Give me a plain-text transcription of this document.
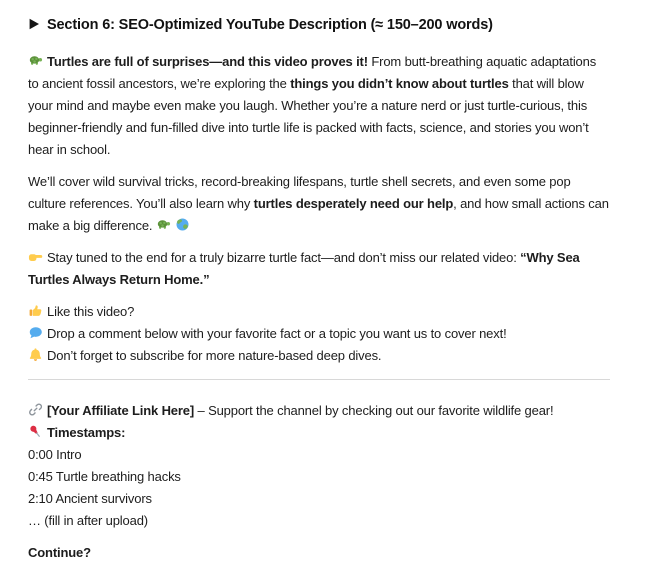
Section 6: SEO-Optimized YouTube Description (≈ 150–200 words)

Turtles are full of surprises—and this video proves it! From butt-breathing aquatic adaptations to ancient fossil ancestors, we’re exploring the things you didn’t know about turtles that will blow your mind and maybe even make you laugh. Whether you’re a nature nerd or just turtle-curious, this beginner-friendly and fun-filled dive into turtle life is packed with facts, science, and stories you won’t hear in school.

We’ll cover wild survival tricks, record-breaking lifespans, turtle shell secrets, and even some pop culture references. You’ll also learn why turtles desperately need our help, and how small actions can make a big difference.

Stay tuned to the end for a truly bizarre turtle fact—and don’t miss our related video: “Why Sea Turtles Always Return Home.”

Like this video?

Drop a comment below with your favorite fact or a topic you want us to cover next!

Don’t forget to subscribe for more nature-based deep dives.

[Your Affiliate Link Here] – Support the channel by checking out our favorite wildlife gear!

Timestamps:
0:00 Intro
0:45 Turtle breathing hacks
2:10 Ancient survivors
… (fill in after upload)

Continue?
